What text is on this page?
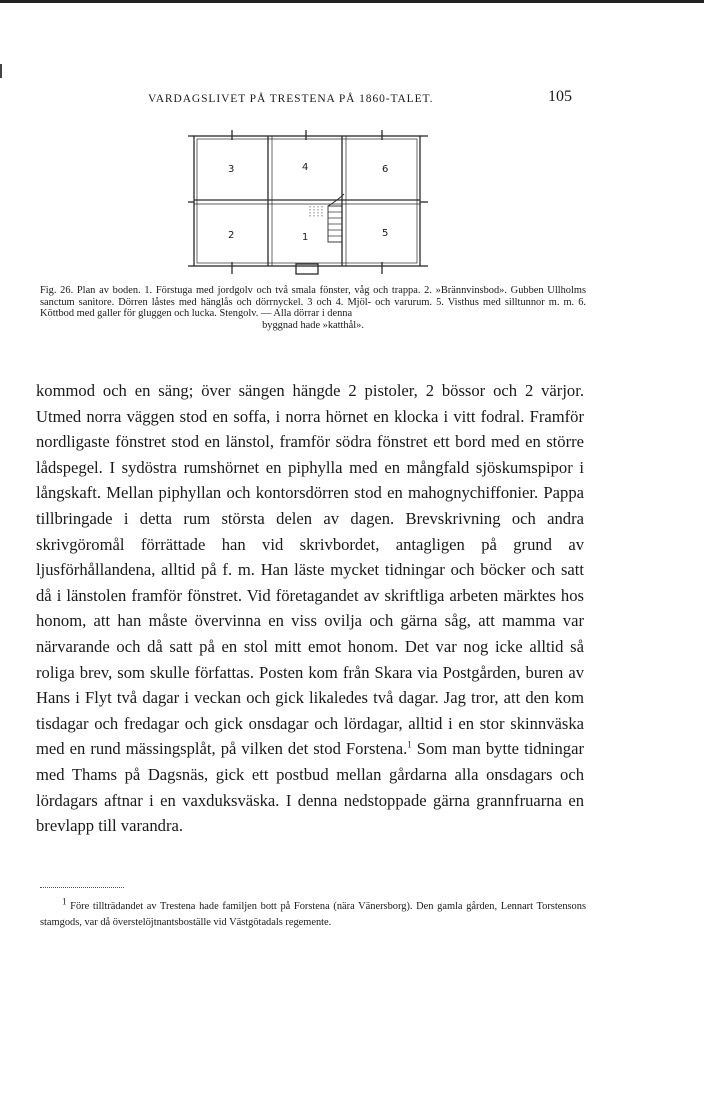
VARDAGSLIVET PÅ TRESTENA PÅ 1860-TALET.	105
3	4	6
2	1	5
Fig. 26. Plan av boden. 1. Förstuga med jordgolv och två smala fönster, våg och trappa. 2. »Brännvinsbod». Gubben Ullholms sanctum sanitore. Dörren låstes med hänglås och dörrnyckel. 3 och 4. Mjöl- och varurum. 5. Visthus med silltunnor m. m. 6. Köttbod med galler för gluggen och lucka. Stengolv. — Alla dörrar i denna
byggnad hade »katthål».

kommod och en säng; över sängen hängde 2 pistoler, 2 bössor och 2 värjor. Utmed norra väggen stod en soffa, i norra hörnet en klocka i vitt fodral. Framför nordligaste fönstret stod en länstol, framför södra fönstret ett bord med en större lådspegel. I sydöstra rumshörnet en piphylla med en mångfald sjöskumspipor i långskaft. Mellan piphyllan och kontorsdörren stod en mahognychiffonier. Pappa tillbringade i detta rum största delen av dagen. Brevskrivning och andra skrivgöromål förrättade han vid skrivbordet, antagligen på grund av ljusförhållandena, alltid på f. m. Han läste mycket tidningar och böcker och satt då i länstolen framför fönstret. Vid företagandet av skriftliga arbeten märktes hos honom, att han måste övervinna en viss ovilja och gärna såg, att mamma var närvarande och då satt på en stol mitt emot honom. Det var nog icke alltid så roliga brev, som skulle författas. Posten kom från Skara via Postgården, buren av Hans i Flyt två dagar i veckan och gick likaledes två dagar. Jag tror, att den kom tisdagar och fredagar och gick onsdagar och lördagar, alltid i en stor skinnväska med en rund mässingsplåt, på vilken det stod Forstena.$^1$ Som man bytte tidningar med Thams på Dagsnäs, gick ett postbud mellan gårdarna alla onsdagars och lördagars aftnar i en vaxduksväska. I denna nedstoppade gärna grannfruarna en brevlapp till varandra.

$^1$ Före tillträdandet av Trestena hade familjen bott på Forstena (nära Vänersborg). Den gamla gården, Lennart Torstensons stamgods, var då överstelöjtnantsboställe vid Västgötadals regemente.
